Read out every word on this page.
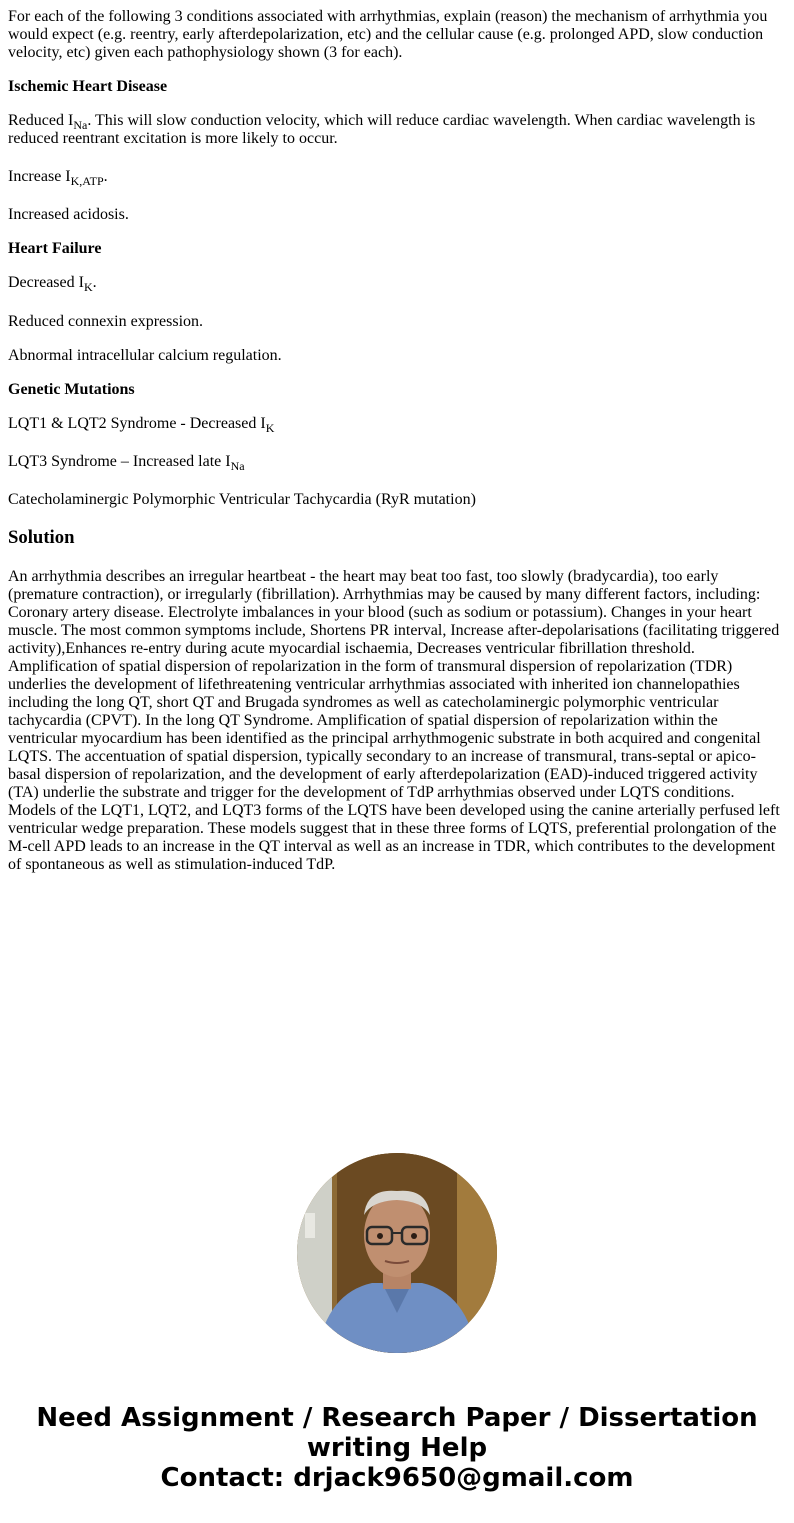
For each of the following 3 conditions associated with arrhythmias, explain (reason) the mechanism of arrhythmia you would expect (e.g. reentry, early afterdepolarization, etc) and the cellular cause (e.g. prolonged APD, slow conduction velocity, etc) given each pathophysiology shown (3 for each).

Ischemic Heart Disease

Reduced $I_{Na}$. This will slow conduction velocity, which will reduce cardiac wavelength. When cardiac wavelength is reduced reentrant excitation is more likely to occur.

Increase $I_{K,ATP}$.

Increased acidosis.

Heart Failure

Decreased $I_K$.

Reduced connexin expression.

Abnormal intracellular calcium regulation.

Genetic Mutations

LQT1 & LQT2 Syndrome - Decreased $I_K$

LQT3 Syndrome – Increased late $I_{Na}$

Catecholaminergic Polymorphic Ventricular Tachycardia (RyR mutation)

Solution

An arrhythmia describes an irregular heartbeat - the heart may beat too fast, too slowly (bradycardia), too early (premature contraction), or irregularly (fibrillation). Arrhythmias may be caused by many different factors, including: Coronary artery disease. Electrolyte imbalances in your blood (such as sodium or potassium). Changes in your heart muscle. The most common symptoms include, Shortens PR interval, Increase after-depolarisations (facilitating triggered activity),Enhances re-entry during acute myocardial ischaemia, Decreases ventricular fibrillation threshold. Amplification of spatial dispersion of repolarization in the form of transmural dispersion of repolarization (TDR) underlies the development of lifethreatening ventricular arrhythmias associated with inherited ion channelopathies including the long QT, short QT and Brugada syndromes as well as catecholaminergic polymorphic ventricular tachycardia (CPVT). In the long QT Syndrome. Amplification of spatial dispersion of repolarization within the ventricular myocardium has been identified as the principal arrhythmogenic substrate in both acquired and congenital LQTS. The accentuation of spatial dispersion, typically secondary to an increase of transmural, trans-septal or apico-basal dispersion of repolarization, and the development of early afterdepolarization (EAD)-induced triggered activity (TA) underlie the substrate and trigger for the development of TdP arrhythmias observed under LQTS conditions. Models of the LQT1, LQT2, and LQT3 forms of the LQTS have been developed using the canine arterially perfused left ventricular wedge preparation. These models suggest that in these three forms of LQTS, preferential prolongation of the M-cell APD leads to an increase in the QT interval as well as an increase in TDR, which contributes to the development of spontaneous as well as stimulation-induced TdP.

Need Assignment / Research Paper / Dissertation
writing Help
Contact: drjack9650@gmail.com
